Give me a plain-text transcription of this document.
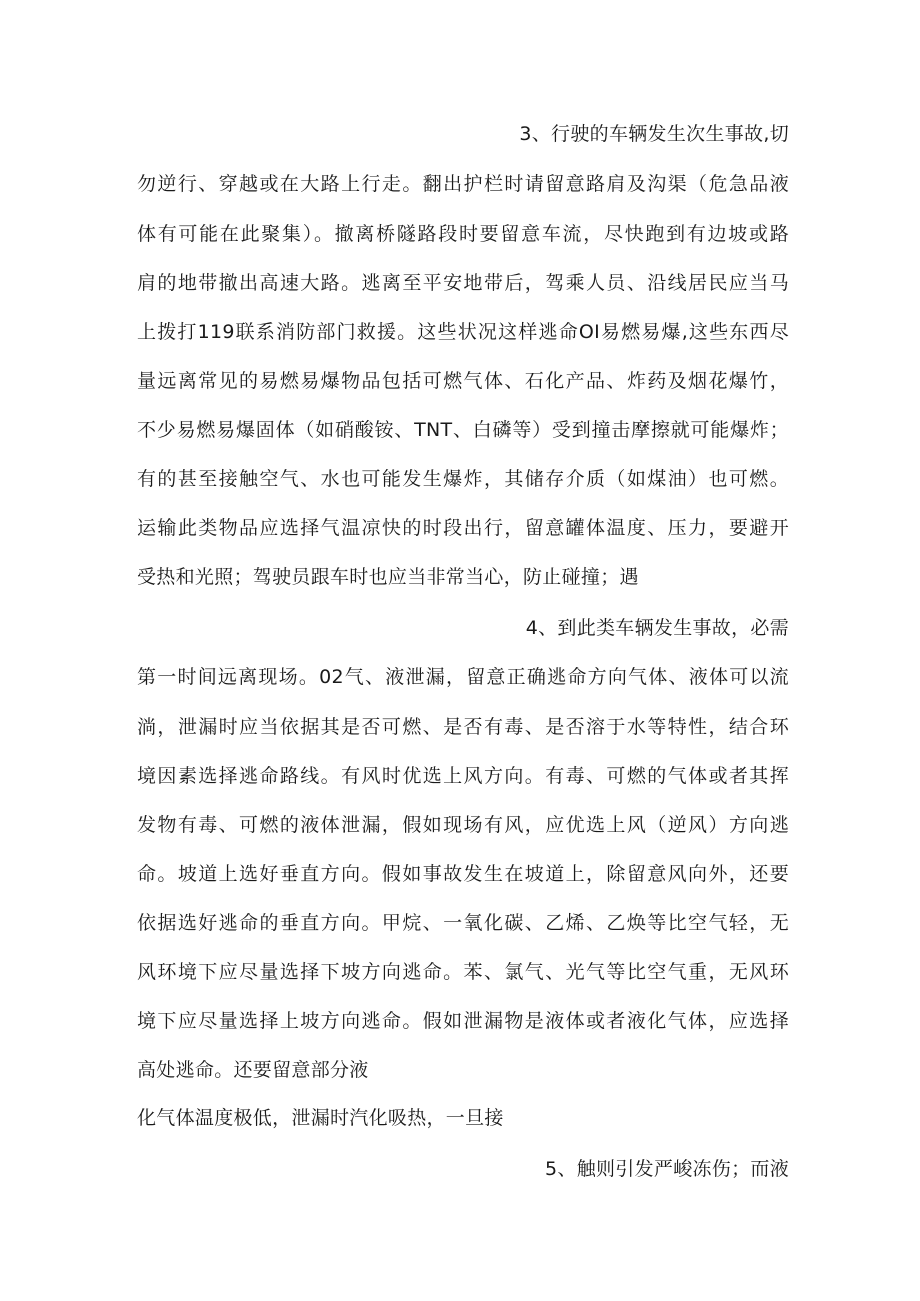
3、行驶的车辆发生次生事故,切
勿逆行、穿越或在大路上行走。翻出护栏时请留意路肩及沟渠（危急品液
体有可能在此聚集）。撤离桥隧路段时要留意车流，尽快跑到有边坡或路
肩的地带撤出高速大路。逃离至平安地带后，驾乘人员、沿线居民应当马
上拨打119联系消防部门救援。这些状况这样逃命OI易燃易爆,这些东西尽
量远离常见的易燃易爆物品包括可燃气体、石化产品、炸药及烟花爆竹，
不少易燃易爆固体（如硝酸铵、TNT、白磷等）受到撞击摩擦就可能爆炸；
有的甚至接触空气、水也可能发生爆炸，其储存介质（如煤油）也可燃。
运输此类物品应选择气温凉快的时段出行，留意罐体温度、压力，要避开
受热和光照；驾驶员跟车时也应当非常当心，防止碰撞；遇
4、到此类车辆发生事故，必需
第一时间远离现场。02气、液泄漏，留意正确逃命方向气体、液体可以流
淌，泄漏时应当依据其是否可燃、是否有毒、是否溶于水等特性，结合环
境因素选择逃命路线。有风时优选上风方向。有毒、可燃的气体或者其挥
发物有毒、可燃的液体泄漏，假如现场有风，应优选上风（逆风）方向逃
命。坡道上选好垂直方向。假如事故发生在坡道上，除留意风向外，还要
依据选好逃命的垂直方向。甲烷、一氧化碳、乙烯、乙焕等比空气轻，无
风环境下应尽量选择下坡方向逃命。苯、氯气、光气等比空气重，无风环
境下应尽量选择上坡方向逃命。假如泄漏物是液体或者液化气体，应选择
高处逃命。还要留意部分液
化气体温度极低，泄漏时汽化吸热，一旦接
5、触则引发严峻冻伤；而液
